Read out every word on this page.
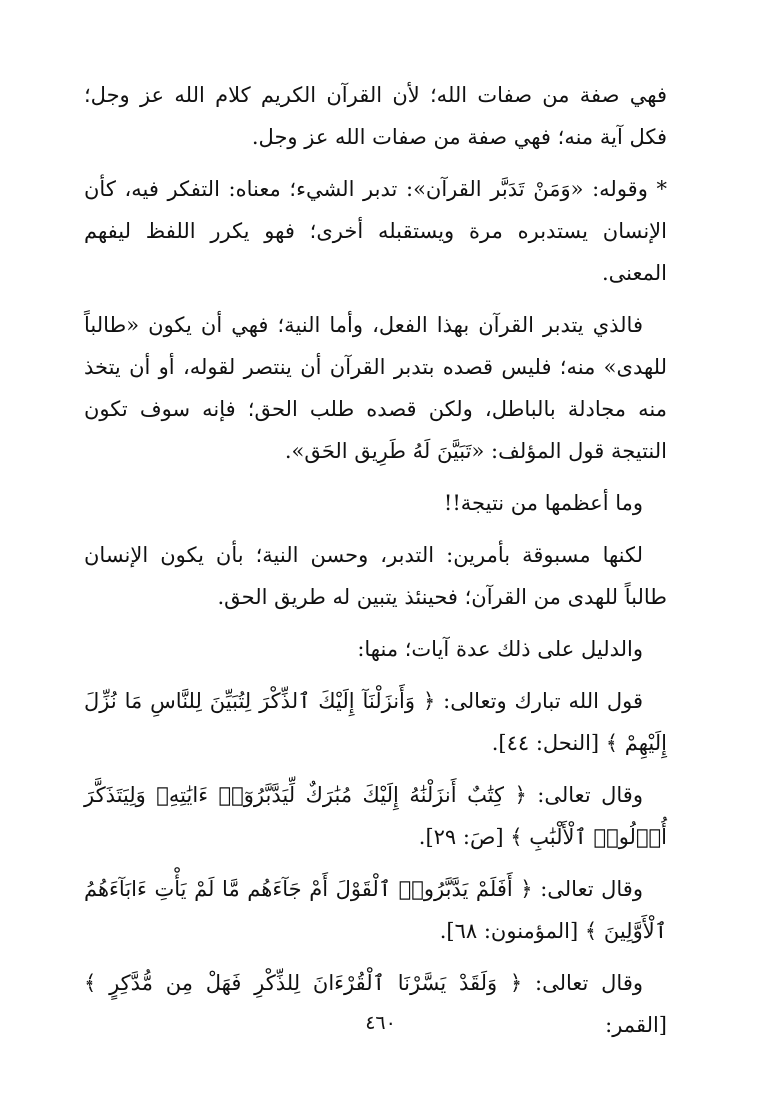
فهي صفة من صفات الله؛ لأن القرآن الكريم كلام الله عز وجل؛ فكل آية منه؛ فهي صفة من صفات الله عز وجل.

* وقوله: «وَمَنْ تَدَبَّر القرآن»: تدبر الشيء؛ معناه: التفكر فيه، كأن الإنسان يستدبره مرة ويستقبله أخرى؛ فهو يكرر اللفظ ليفهم المعنى.

فالذي يتدبر القرآن بهذا الفعل، وأما النية؛ فهي أن يكون «طالباً للهدى» منه؛ فليس قصده بتدبر القرآن أن ينتصر لقوله، أو أن يتخذ منه مجادلة بالباطل، ولكن قصده طلب الحق؛ فإنه سوف تكون النتيجة قول المؤلف: «تَبَيَّنَ لَهُ طَرِيق الحَق».

وما أعظمها من نتيجة!!

لكنها مسبوقة بأمرين: التدبر، وحسن النية؛ بأن يكون الإنسان طالباً للهدى من القرآن؛ فحينئذ يتبين له طريق الحق.

والدليل على ذلك عدة آيات؛ منها:

قول الله تبارك وتعالى: ﴿ وَأَنزَلْنَآ إِلَيْكَ ٱلذِّكْرَ لِتُبَيِّنَ لِلنَّاسِ مَا نُزِّلَ إِلَيْهِمْ ﴾ [النحل: ٤٤].

وقال تعالى: ﴿ كِتَٰبٌ أَنزَلْنَٰهُ إِلَيْكَ مُبَٰرَكٌ لِّيَدَّبَّرُوٓا۟ ءَايَٰتِهِۦ وَلِيَتَذَكَّرَ أُو۟لُوا۟ ٱلْأَلْبَٰبِ ﴾ [صَ: ٢٩].

وقال تعالى: ﴿ أَفَلَمْ يَدَّبَّرُوا۟ ٱلْقَوْلَ أَمْ جَآءَهُم مَّا لَمْ يَأْتِ ءَابَآءَهُمُ ٱلْأَوَّلِينَ ﴾ [المؤمنون: ٦٨].

وقال تعالى: ﴿ وَلَقَدْ يَسَّرْنَا ٱلْقُرْءَانَ لِلذِّكْرِ فَهَلْ مِن مُّدَّكِرٍ ﴾ [القمر:

٤٦٠
